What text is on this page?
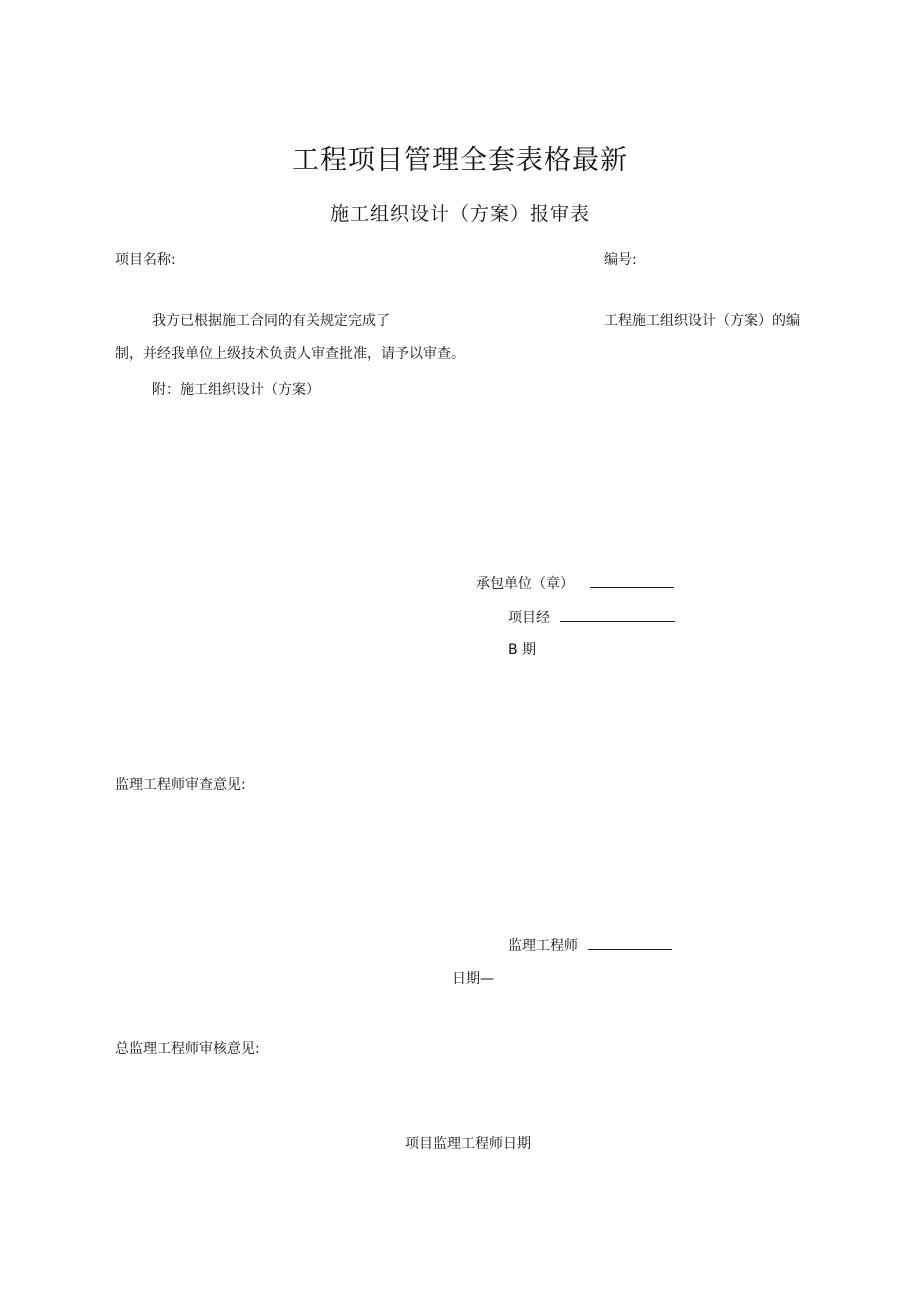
工程项目管理全套表格最新
施工组织设计（方案）报审表
项目名称:	编号:
我方已根据施工合同的有关规定完成了	工程施工组织设计（方案）的编
制，并经我单位上级技术负责人审查批准，请予以审查。
附：施工组织设计（方案）
承包单位（章）
项目经
B 期
监理工程师审查意见:
监理工程师
日期—
总监理工程师审核意见:
项目监理工程师日期
